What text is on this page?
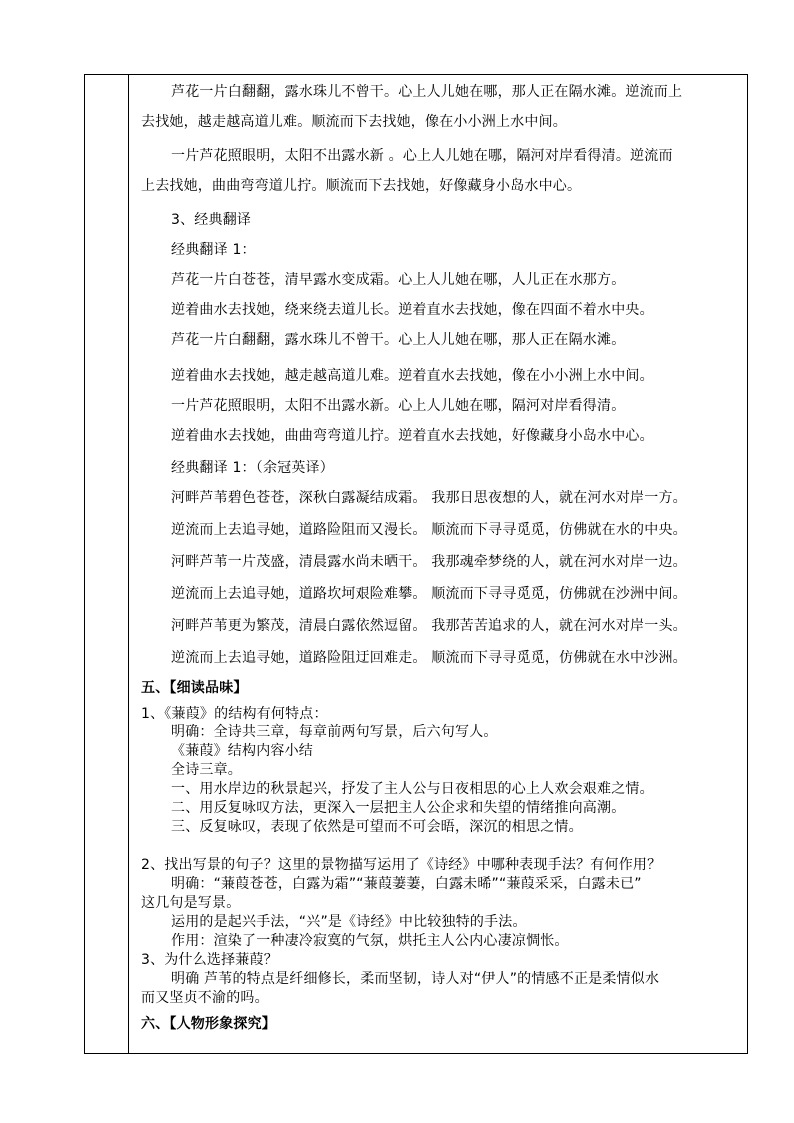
芦花一片白翻翻，露水珠儿不曾干。心上人儿她在哪，那人正在隔水滩。逆流而上
去找她，越走越高道儿难。顺流而下去找她，像在小小洲上水中间。
一片芦花照眼明，太阳不出露水新 。心上人儿她在哪，隔河对岸看得清。逆流而
上去找她，曲曲弯弯道儿拧。顺流而下去找她，好像藏身小岛水中心。
3、经典翻译
经典翻译 1：
芦花一片白苍苍，清早露水变成霜。心上人儿她在哪，人儿正在水那方。
逆着曲水去找她，绕来绕去道儿长。逆着直水去找她，像在四面不着水中央。
芦花一片白翻翻，露水珠儿不曾干。心上人儿她在哪，那人正在隔水滩。
逆着曲水去找她，越走越高道儿难。逆着直水去找她，像在小小洲上水中间。
一片芦花照眼明，太阳不出露水新。心上人儿她在哪，隔河对岸看得清。
逆着曲水去找她，曲曲弯弯道儿拧。逆着直水去找她，好像藏身小岛水中心。
经典翻译 1：（余冠英译）
河畔芦苇碧色苍苍，深秋白露凝结成霜。 我那日思夜想的人，就在河水对岸一方。
逆流而上去追寻她，道路险阻而又漫长。 顺流而下寻寻觅觅，仿佛就在水的中央。
河畔芦苇一片茂盛，清晨露水尚未晒干。 我那魂牵梦绕的人，就在河水对岸一边。
逆流而上去追寻她，道路坎坷艰险难攀。 顺流而下寻寻觅觅，仿佛就在沙洲中间。
河畔芦苇更为繁茂，清晨白露依然逗留。 我那苦苦追求的人，就在河水对岸一头。
逆流而上去追寻她，道路险阻迂回难走。 顺流而下寻寻觅觅，仿佛就在水中沙洲。
五、【细读品味】
1、《蒹葭》的结构有何特点：
明确：全诗共三章，每章前两句写景，后六句写人。
《蒹葭》结构内容小结
全诗三章。
一、用水岸边的秋景起兴，抒发了主人公与日夜相思的心上人欢会艰难之情。
二、用反复咏叹方法，更深入一层把主人公企求和失望的情绪推向高潮。
三、反复咏叹，表现了依然是可望而不可会晤，深沉的相思之情。
2、找出写景的句子？这里的景物描写运用了《诗经》中哪种表现手法？有何作用？
明确：“蒹葭苍苍，白露为霜”“蒹葭萋萋，白露未晞”“蒹葭采采，白露未已”
这几句是写景。
运用的是起兴手法，“兴”是《诗经》中比较独特的手法。
作用：渲染了一种凄冷寂寞的气氛，烘托主人公内心凄凉惆怅。
3、为什么选择蒹葭？
明确 芦苇的特点是纤细修长，柔而坚韧，诗人对“伊人”的情感不正是柔情似水
而又坚贞不渝的吗。
六、【人物形象探究】
